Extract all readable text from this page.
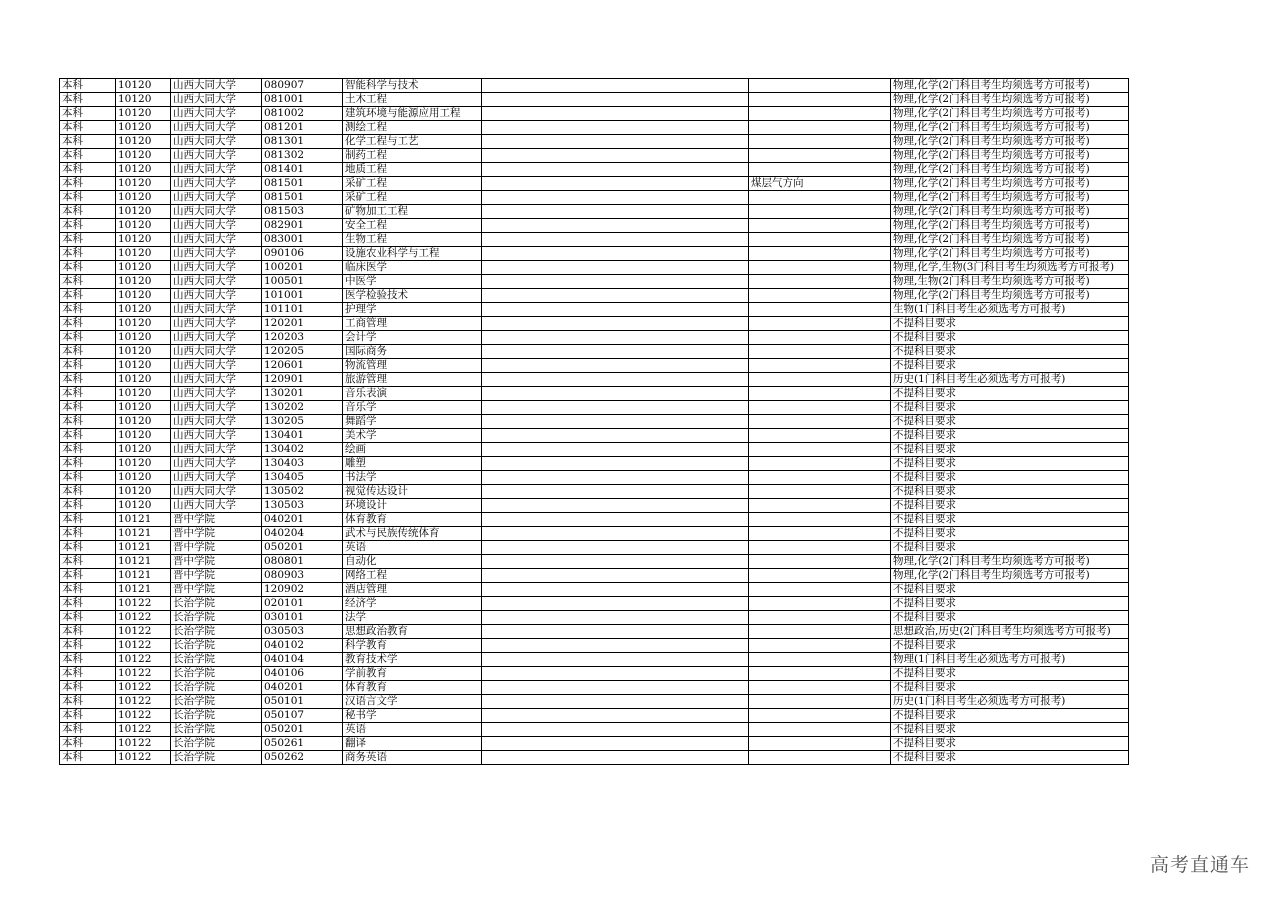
本科	10120	山西大同大学	080907	智能科学与技术			物理,化学(2门科目考生均须选考方可报考)
本科	10120	山西大同大学	081001	土木工程			物理,化学(2门科目考生均须选考方可报考)
本科	10120	山西大同大学	081002	建筑环境与能源应用工程			物理,化学(2门科目考生均须选考方可报考)
本科	10120	山西大同大学	081201	测绘工程			物理,化学(2门科目考生均须选考方可报考)
本科	10120	山西大同大学	081301	化学工程与工艺			物理,化学(2门科目考生均须选考方可报考)
本科	10120	山西大同大学	081302	制药工程			物理,化学(2门科目考生均须选考方可报考)
本科	10120	山西大同大学	081401	地质工程			物理,化学(2门科目考生均须选考方可报考)
本科	10120	山西大同大学	081501	采矿工程		煤层气方向	物理,化学(2门科目考生均须选考方可报考)
本科	10120	山西大同大学	081501	采矿工程			物理,化学(2门科目考生均须选考方可报考)
本科	10120	山西大同大学	081503	矿物加工工程			物理,化学(2门科目考生均须选考方可报考)
本科	10120	山西大同大学	082901	安全工程			物理,化学(2门科目考生均须选考方可报考)
本科	10120	山西大同大学	083001	生物工程			物理,化学(2门科目考生均须选考方可报考)
本科	10120	山西大同大学	090106	设施农业科学与工程			物理,化学(2门科目考生均须选考方可报考)
本科	10120	山西大同大学	100201	临床医学			物理,化学,生物(3门科目考生均须选考方可报考)
本科	10120	山西大同大学	100501	中医学			物理,生物(2门科目考生均须选考方可报考)
本科	10120	山西大同大学	101001	医学检验技术			物理,化学(2门科目考生均须选考方可报考)
本科	10120	山西大同大学	101101	护理学			生物(1门科目考生必须选考方可报考)
本科	10120	山西大同大学	120201	工商管理			不提科目要求
本科	10120	山西大同大学	120203	会计学			不提科目要求
本科	10120	山西大同大学	120205	国际商务			不提科目要求
本科	10120	山西大同大学	120601	物流管理			不提科目要求
本科	10120	山西大同大学	120901	旅游管理			历史(1门科目考生必须选考方可报考)
本科	10120	山西大同大学	130201	音乐表演			不提科目要求
本科	10120	山西大同大学	130202	音乐学			不提科目要求
本科	10120	山西大同大学	130205	舞蹈学			不提科目要求
本科	10120	山西大同大学	130401	美术学			不提科目要求
本科	10120	山西大同大学	130402	绘画			不提科目要求
本科	10120	山西大同大学	130403	雕塑			不提科目要求
本科	10120	山西大同大学	130405	书法学			不提科目要求
本科	10120	山西大同大学	130502	视觉传达设计			不提科目要求
本科	10120	山西大同大学	130503	环境设计			不提科目要求
本科	10121	晋中学院	040201	体育教育			不提科目要求
本科	10121	晋中学院	040204	武术与民族传统体育			不提科目要求
本科	10121	晋中学院	050201	英语			不提科目要求
本科	10121	晋中学院	080801	自动化			物理,化学(2门科目考生均须选考方可报考)
本科	10121	晋中学院	080903	网络工程			物理,化学(2门科目考生均须选考方可报考)
本科	10121	晋中学院	120902	酒店管理			不提科目要求
本科	10122	长治学院	020101	经济学			不提科目要求
本科	10122	长治学院	030101	法学			不提科目要求
本科	10122	长治学院	030503	思想政治教育			思想政治,历史(2门科目考生均须选考方可报考)
本科	10122	长治学院	040102	科学教育			不提科目要求
本科	10122	长治学院	040104	教育技术学			物理(1门科目考生必须选考方可报考)
本科	10122	长治学院	040106	学前教育			不提科目要求
本科	10122	长治学院	040201	体育教育			不提科目要求
本科	10122	长治学院	050101	汉语言文学			历史(1门科目考生必须选考方可报考)
本科	10122	长治学院	050107	秘书学			不提科目要求
本科	10122	长治学院	050201	英语			不提科目要求
本科	10122	长治学院	050261	翻译			不提科目要求
本科	10122	长治学院	050262	商务英语			不提科目要求
高考直通车
